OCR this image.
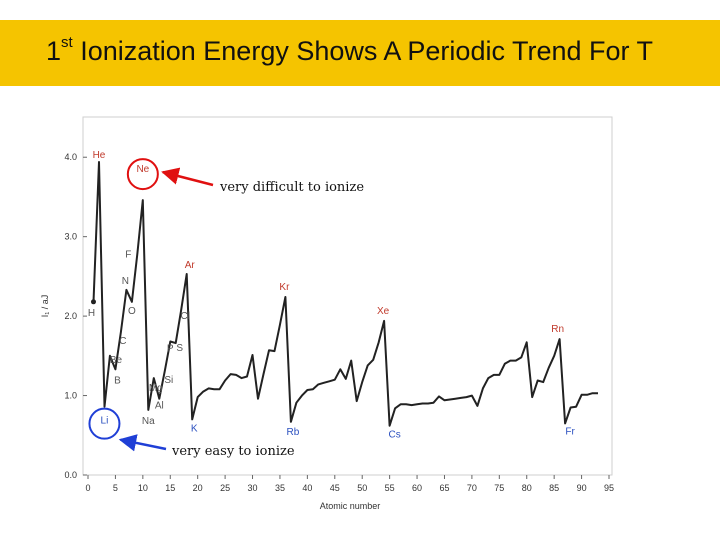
1st Ionization Energy Shows A Periodic Trend For T
0.0
1.0
2.0
3.0
4.0
0 5 10 15 20 25 30 35 40 45 50 55 60 65 70 75 80 85 90 95
H
He
Li
Be
B
C
N
O
F
Ne
Na
Mg
Al
Si
P S
Cl
Ar
K
Kr
Rb
Xe
Cs
Rn
Fr
very difficult to ionize
very easy to ionize
Atomic number
I₁ / aJ
